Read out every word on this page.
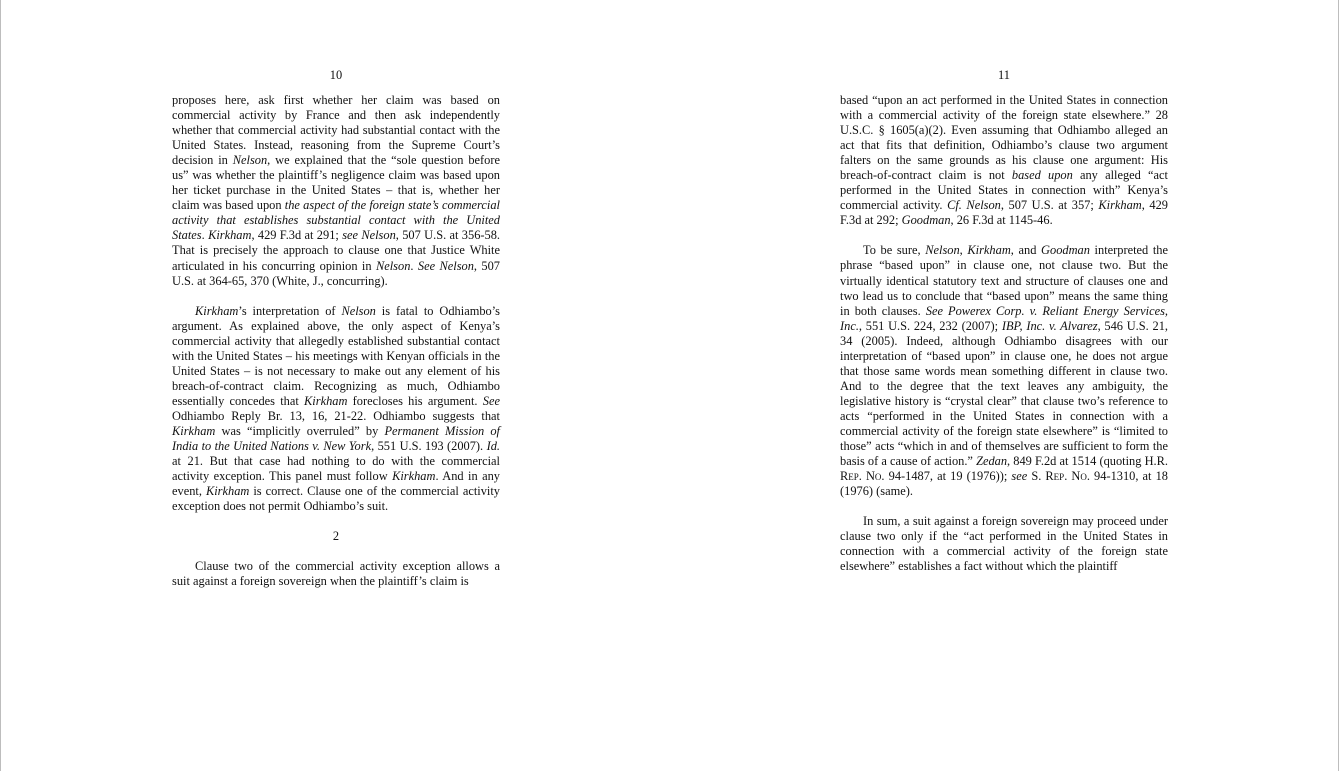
10

proposes here, ask first whether her claim was based on commercial activity by France and then ask independently whether that commercial activity had substantial contact with the United States. Instead, reasoning from the Supreme Court’s decision in Nelson, we explained that the “sole question before us” was whether the plaintiff’s negligence claim was based upon her ticket purchase in the United States – that is, whether her claim was based upon the aspect of the foreign state’s commercial activity that establishes substantial contact with the United States. Kirkham, 429 F.3d at 291; see Nelson, 507 U.S. at 356-58. That is precisely the approach to clause one that Justice White articulated in his concurring opinion in Nelson. See Nelson, 507 U.S. at 364-65, 370 (White, J., concurring).

Kirkham’s interpretation of Nelson is fatal to Odhiambo’s argument. As explained above, the only aspect of Kenya’s commercial activity that allegedly established substantial contact with the United States – his meetings with Kenyan officials in the United States – is not necessary to make out any element of his breach-of-contract claim. Recognizing as much, Odhiambo essentially concedes that Kirkham forecloses his argument. See Odhiambo Reply Br. 13, 16, 21-22. Odhiambo suggests that Kirkham was “implicitly overruled” by Permanent Mission of India to the United Nations v. New York, 551 U.S. 193 (2007). Id. at 21. But that case had nothing to do with the commercial activity exception. This panel must follow Kirkham. And in any event, Kirkham is correct. Clause one of the commercial activity exception does not permit Odhiambo’s suit.

2

Clause two of the commercial activity exception allows a suit against a foreign sovereign when the plaintiff’s claim is

11

based “upon an act performed in the United States in connection with a commercial activity of the foreign state elsewhere.” 28 U.S.C. § 1605(a)(2). Even assuming that Odhiambo alleged an act that fits that definition, Odhiambo’s clause two argument falters on the same grounds as his clause one argument: His breach-of-contract claim is not based upon any alleged “act performed in the United States in connection with” Kenya’s commercial activity. Cf. Nelson, 507 U.S. at 357; Kirkham, 429 F.3d at 292; Goodman, 26 F.3d at 1145-46.

To be sure, Nelson, Kirkham, and Goodman interpreted the phrase “based upon” in clause one, not clause two. But the virtually identical statutory text and structure of clauses one and two lead us to conclude that “based upon” means the same thing in both clauses. See Powerex Corp. v. Reliant Energy Services, Inc., 551 U.S. 224, 232 (2007); IBP, Inc. v. Alvarez, 546 U.S. 21, 34 (2005). Indeed, although Odhiambo disagrees with our interpretation of “based upon” in clause one, he does not argue that those same words mean something different in clause two. And to the degree that the text leaves any ambiguity, the legislative history is “crystal clear” that clause two’s reference to acts “performed in the United States in connection with a commercial activity of the foreign state elsewhere” is “limited to those” acts “which in and of themselves are sufficient to form the basis of a cause of action.” Zedan, 849 F.2d at 1514 (quoting H.R. Rep. No. 94-1487, at 19 (1976)); see S. Rep. No. 94-1310, at 18 (1976) (same).

In sum, a suit against a foreign sovereign may proceed under clause two only if the “act performed in the United States in connection with a commercial activity of the foreign state elsewhere” establishes a fact without which the plaintiff
